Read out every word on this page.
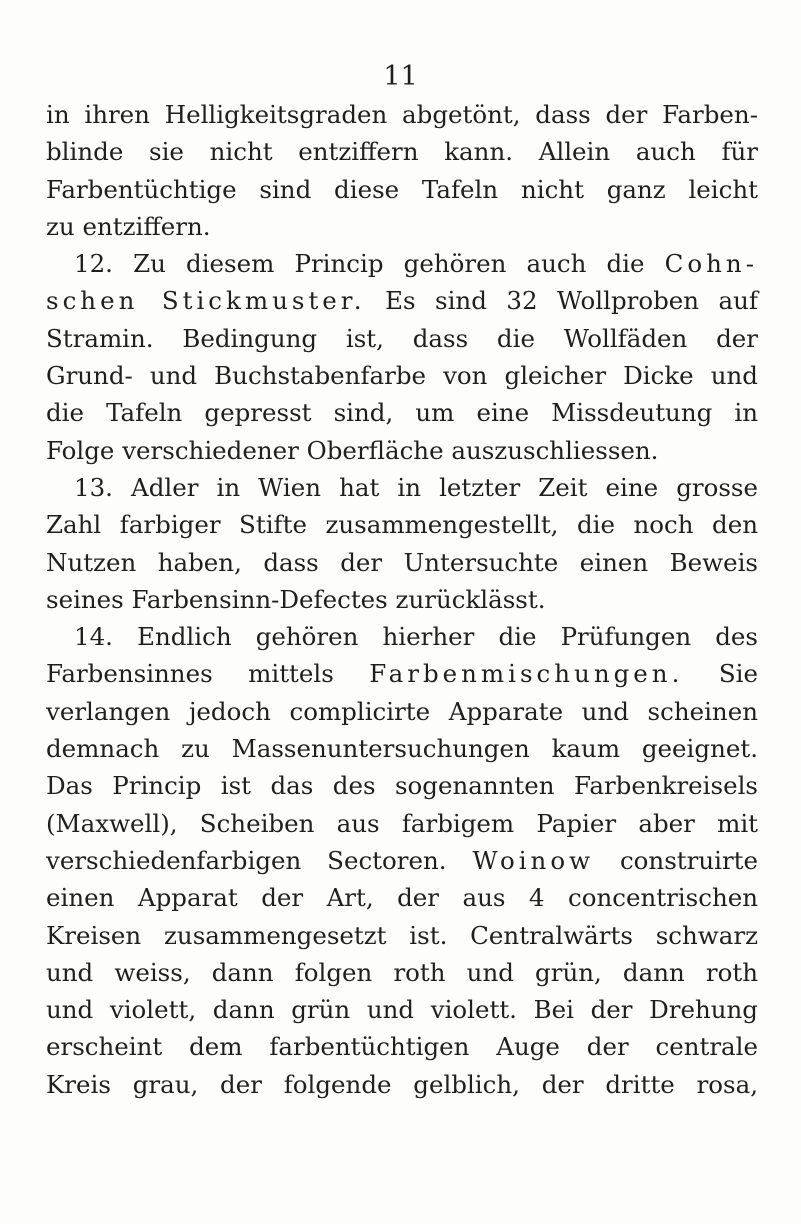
11
in ihren Helligkeitsgraden abgetönt, dass der Farben-
blinde sie nicht entziffern kann. Allein auch für
Farbentüchtige sind diese Tafeln nicht ganz leicht
zu entziffern.
12. Zu diesem Princip gehören auch die Cohn-
schen Stickmuster. Es sind 32 Wollproben auf
Stramin. Bedingung ist, dass die Wollfäden der
Grund- und Buchstabenfarbe von gleicher Dicke und
die Tafeln gepresst sind, um eine Missdeutung in
Folge verschiedener Oberfläche auszuschliessen.
13. Adler in Wien hat in letzter Zeit eine grosse
Zahl farbiger Stifte zusammengestellt, die noch den
Nutzen haben, dass der Untersuchte einen Beweis
seines Farbensinn-Defectes zurücklässt.
14. Endlich gehören hierher die Prüfungen des
Farbensinnes mittels Farbenmischungen. Sie
verlangen jedoch complicirte Apparate und scheinen
demnach zu Massenuntersuchungen kaum geeignet.
Das Princip ist das des sogenannten Farbenkreisels
(Maxwell), Scheiben aus farbigem Papier aber mit
verschiedenfarbigen Sectoren. Woinow construirte
einen Apparat der Art, der aus 4 concentrischen
Kreisen zusammengesetzt ist. Centralwärts schwarz
und weiss, dann folgen roth und grün, dann roth
und violett, dann grün und violett. Bei der Drehung
erscheint dem farbentüchtigen Auge der centrale
Kreis grau, der folgende gelblich, der dritte rosa,
